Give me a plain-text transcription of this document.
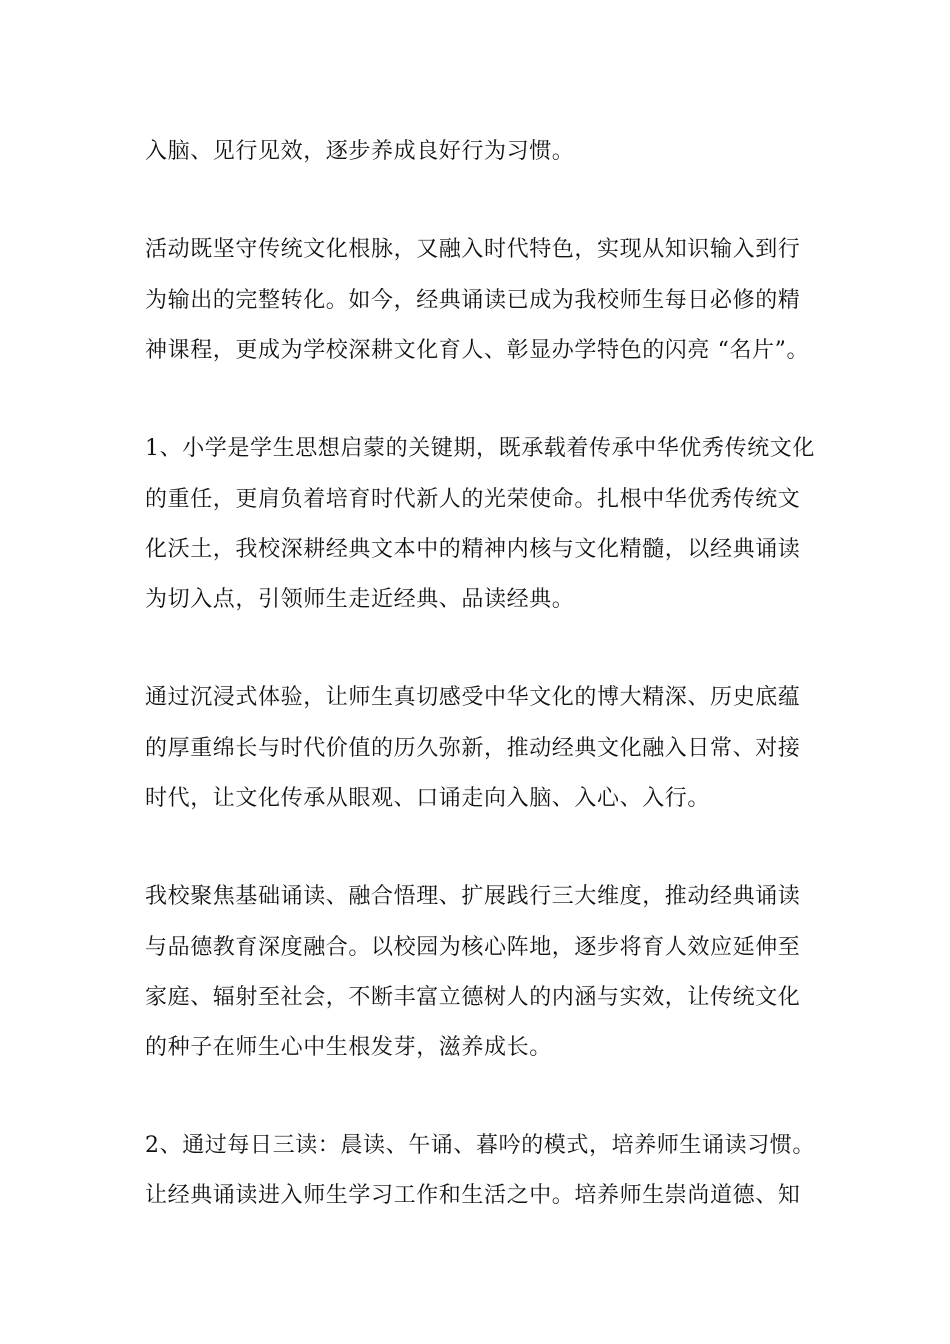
入脑、见行见效，逐步养成良好行为习惯。

活动既坚守传统文化根脉，又融入时代特色，实现从知识输入到行

为输出的完整转化。如今，经典诵读已成为我校师生每日必修的精

神课程，更成为学校深耕文化育人、彰显办学特色的闪亮 “名片”。

1、小学是学生思想启蒙的关键期，既承载着传承中华优秀传统文化

的重任，更肩负着培育时代新人的光荣使命。扎根中华优秀传统文

化沃土，我校深耕经典文本中的精神内核与文化精髓，以经典诵读

为切入点，引领师生走近经典、品读经典。

通过沉浸式体验，让师生真切感受中华文化的博大精深、历史底蕴

的厚重绵长与时代价值的历久弥新，推动经典文化融入日常、对接

时代，让文化传承从眼观、口诵走向入脑、入心、入行。

我校聚焦基础诵读、融合悟理、扩展践行三大维度，推动经典诵读

与品德教育深度融合。以校园为核心阵地，逐步将育人效应延伸至

家庭、辐射至社会，不断丰富立德树人的内涵与实效，让传统文化

的种子在师生心中生根发芽，滋养成长。

2、通过每日三读：晨读、午诵、暮吟的模式，培养师生诵读习惯。

让经典诵读进入师生学习工作和生活之中。培养师生崇尚道德、知
